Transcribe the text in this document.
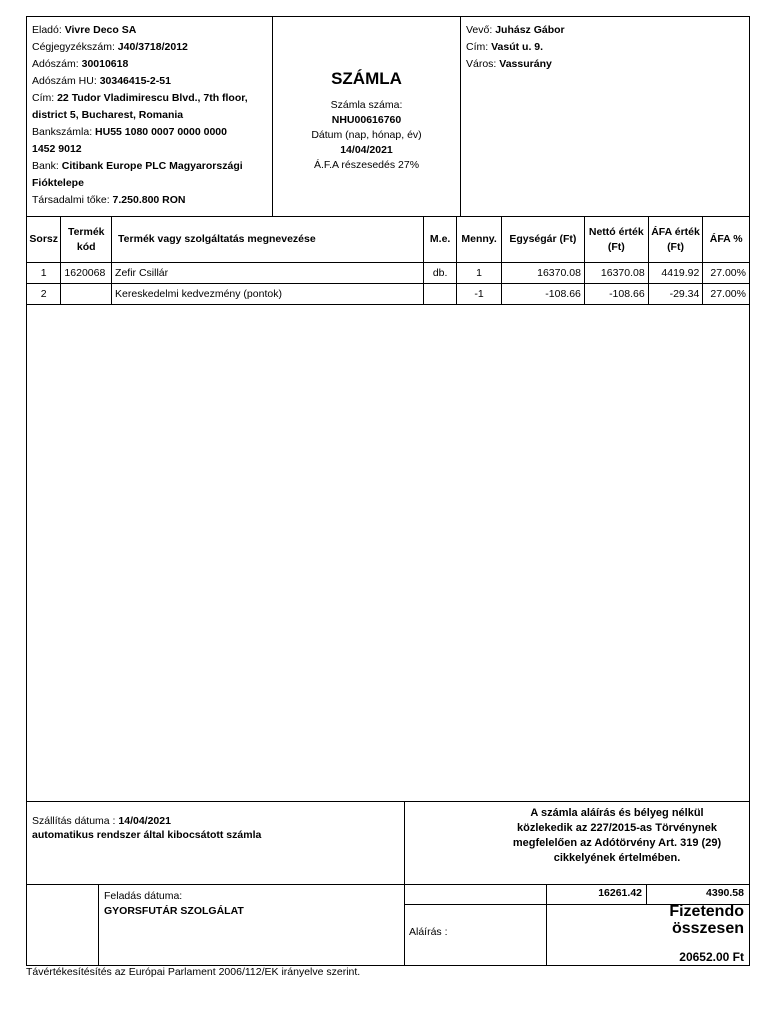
Eladó: Vivre Deco SA
Cégjegyzékszám: J40/3718/2012
Adószám: 30010618
Adószám HU: 30346415-2-51
Cím: 22 Tudor Vladimirescu Blvd., 7th floor,
district 5, Bucharest, Romania
Bankszámla: HU55 1080 0007 0000 0000
1452 9012
Bank: Citibank Europe PLC Magyarországi
Fióktelepe
Társadalmi tőke: 7.250.800 RON
SZÁMLA
Számla száma:
NHU00616760
Dátum (nap, hónap, év)
14/04/2021
Á.F.A részesedés 27%
Vevő: Juhász Gábor
Cím: Vasút u. 9.
Város: Vassurány
Sorsz	Termék kód	Termék vagy szolgáltatás megnevezése	M.e.	Menny.	Egységár (Ft)	Nettó érték (Ft)	ÁFA érték (Ft)	ÁFA %
1	1620068	Zefir Csillár	db.	1	16370.08	16370.08	4419.92	27.00%
2		Kereskedelmi kedvezmény (pontok)		-1	-108.66	-108.66	-29.34	27.00%
Szállítás dátuma : 14/04/2021
automatikus rendszer által kibocsátott számla
A számla aláírás és bélyeg nélkül
közlekedik az 227/2015-as Törvénynek
megfelelően az Adótörvény Art. 319 (29)
cikkelyének értelmében.
Feladás dátuma:
GYORSFUTÁR SZOLGÁLAT
16261.42	4390.58
Aláírás :
Fizetendo
összesen
20652.00 Ft
Távértékesítésítés az Európai Parlament 2006/112/EK irányelve szerint.
